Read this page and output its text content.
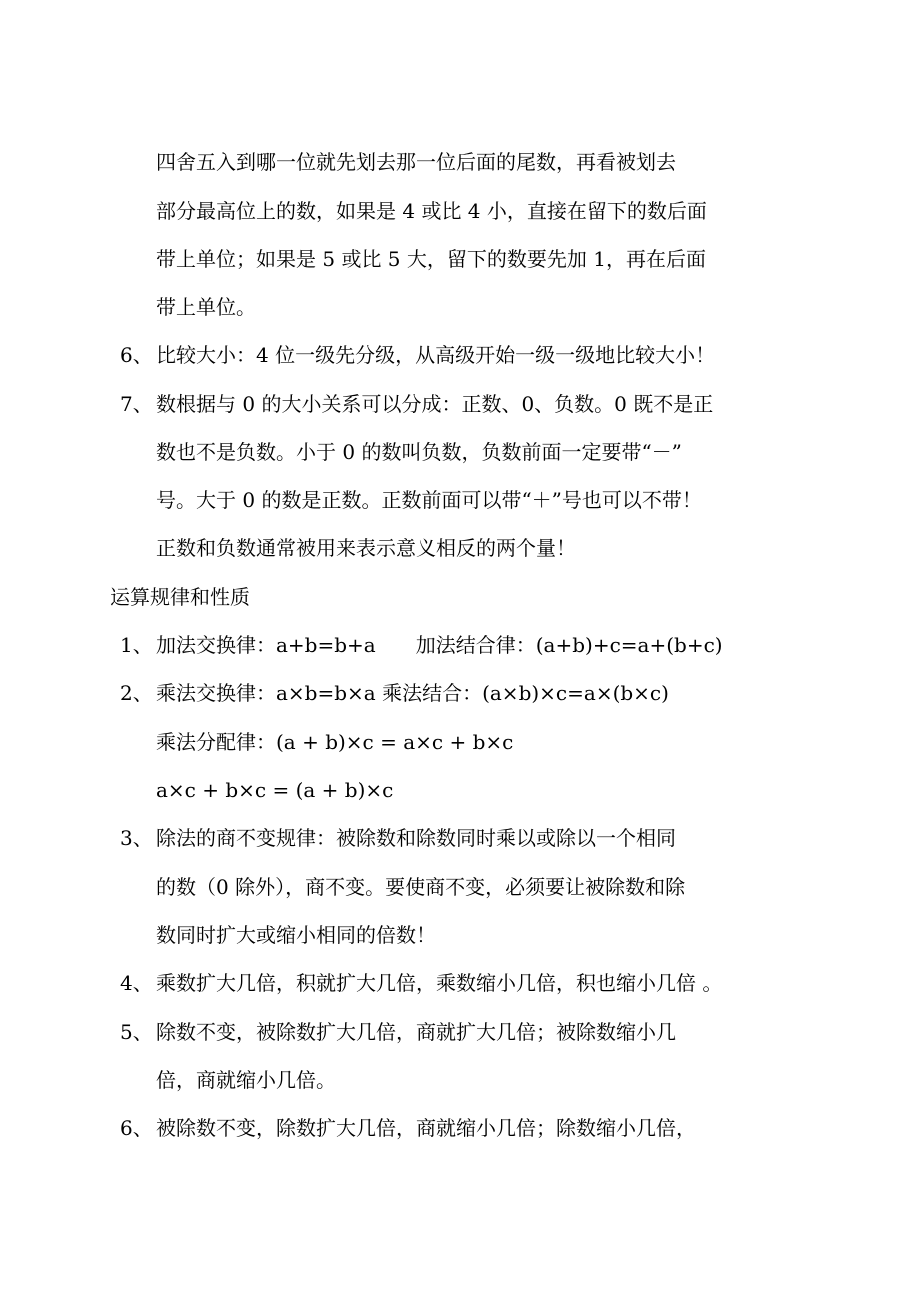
四舍五入到哪一位就先划去那一位后面的尾数，再看被划去
部分最高位上的数，如果是 4 或比 4 小，直接在留下的数后面
带上单位；如果是 5 或比 5 大，留下的数要先加 1，再在后面
带上单位。
6、 比较大小：4 位一级先分级，从高级开始一级一级地比较大小！
7、 数根据与 0 的大小关系可以分成：正数、0、负数。0 既不是正
数也不是负数。小于 0 的数叫负数，负数前面一定要带“－”
号。大于 0 的数是正数。正数前面可以带“＋”号也可以不带！
正数和负数通常被用来表示意义相反的两个量！
运算规律和性质
1、 加法交换律：a+b=b+a　　加法结合律：(a+b)+c=a+(b+c)
2、 乘法交换律：a×b=b×a 乘法结合：(a×b)×c=a×(b×c)
乘法分配律：(a + b)×c = a×c + b×c
a×c + b×c = (a + b)×c
3、 除法的商不变规律：被除数和除数同时乘以或除以一个相同
的数（0 除外），商不变。要使商不变，必须要让被除数和除
数同时扩大或缩小相同的倍数！
4、 乘数扩大几倍，积就扩大几倍，乘数缩小几倍，积也缩小几倍 。
5、 除数不变，被除数扩大几倍，商就扩大几倍；被除数缩小几
倍，商就缩小几倍。
6、 被除数不变，除数扩大几倍，商就缩小几倍；除数缩小几倍，
